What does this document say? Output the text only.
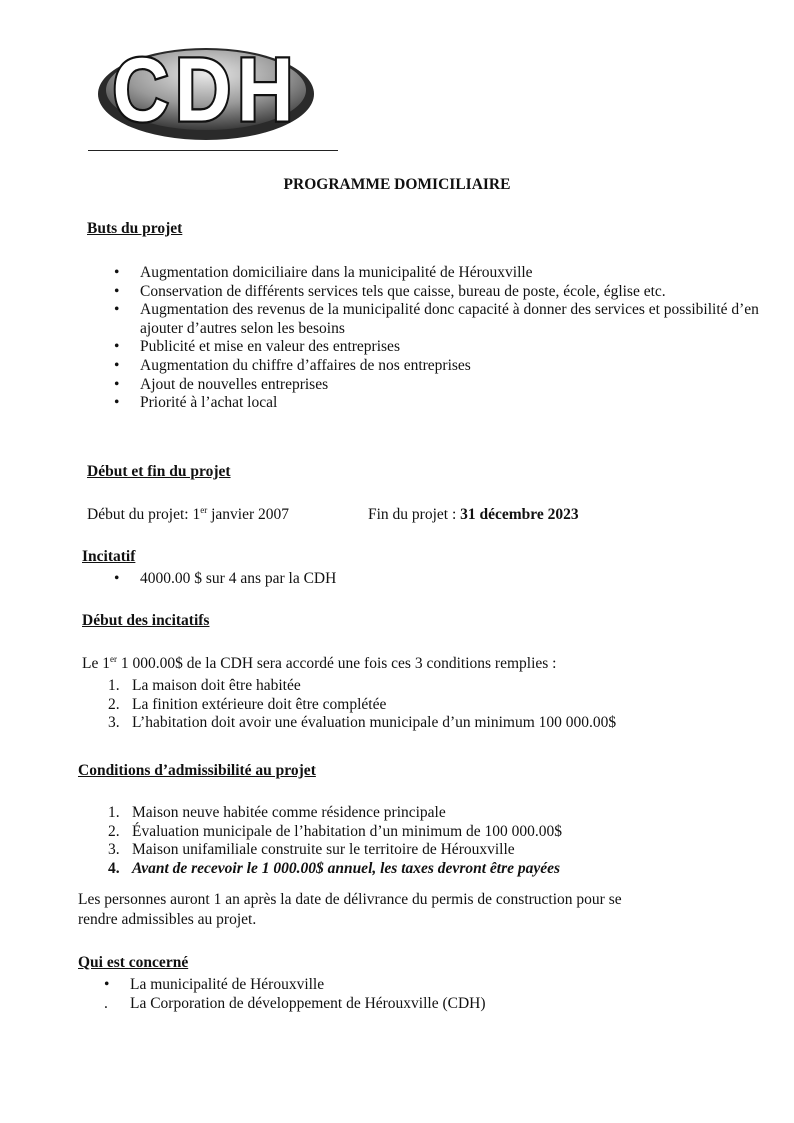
CDH
PROGRAMME DOMICILIAIRE
Buts du projet
• Augmentation domiciliaire dans la municipalité de Hérouxville
• Conservation de différents services tels que caisse, bureau de poste, école, église etc.
• Augmentation des revenus de la municipalité donc capacité à donner des services et possibilité d’en ajouter d’autres selon les besoins
• Publicité et mise en valeur des entreprises
• Augmentation du chiffre d’affaires de nos entreprises
• Ajout de nouvelles entreprises
• Priorité à l’achat local
Début et fin du projet
Début du projet: 1er janvier 2007	Fin du projet : 31 décembre 2023
Incitatif
• 4000.00 $ sur 4 ans par la CDH
Début des incitatifs
Le 1er 1 000.00$ de la CDH sera accordé une fois ces 3 conditions remplies :
1. La maison doit être habitée
2. La finition extérieure doit être complétée
3. L’habitation doit avoir une évaluation municipale d’un minimum 100 000.00$
Conditions d’admissibilité au projet
1. Maison neuve habitée comme résidence principale
2. Évaluation municipale de l’habitation d’un minimum de 100 000.00$
3. Maison unifamiliale construite sur le territoire de Hérouxville
4. Avant de recevoir le 1 000.00$ annuel, les taxes devront être payées
Les personnes auront 1 an après la date de délivrance du permis de construction pour se
rendre admissibles au projet.
Qui est concerné
• La municipalité de Hérouxville
. La Corporation de développement de Hérouxville (CDH)
